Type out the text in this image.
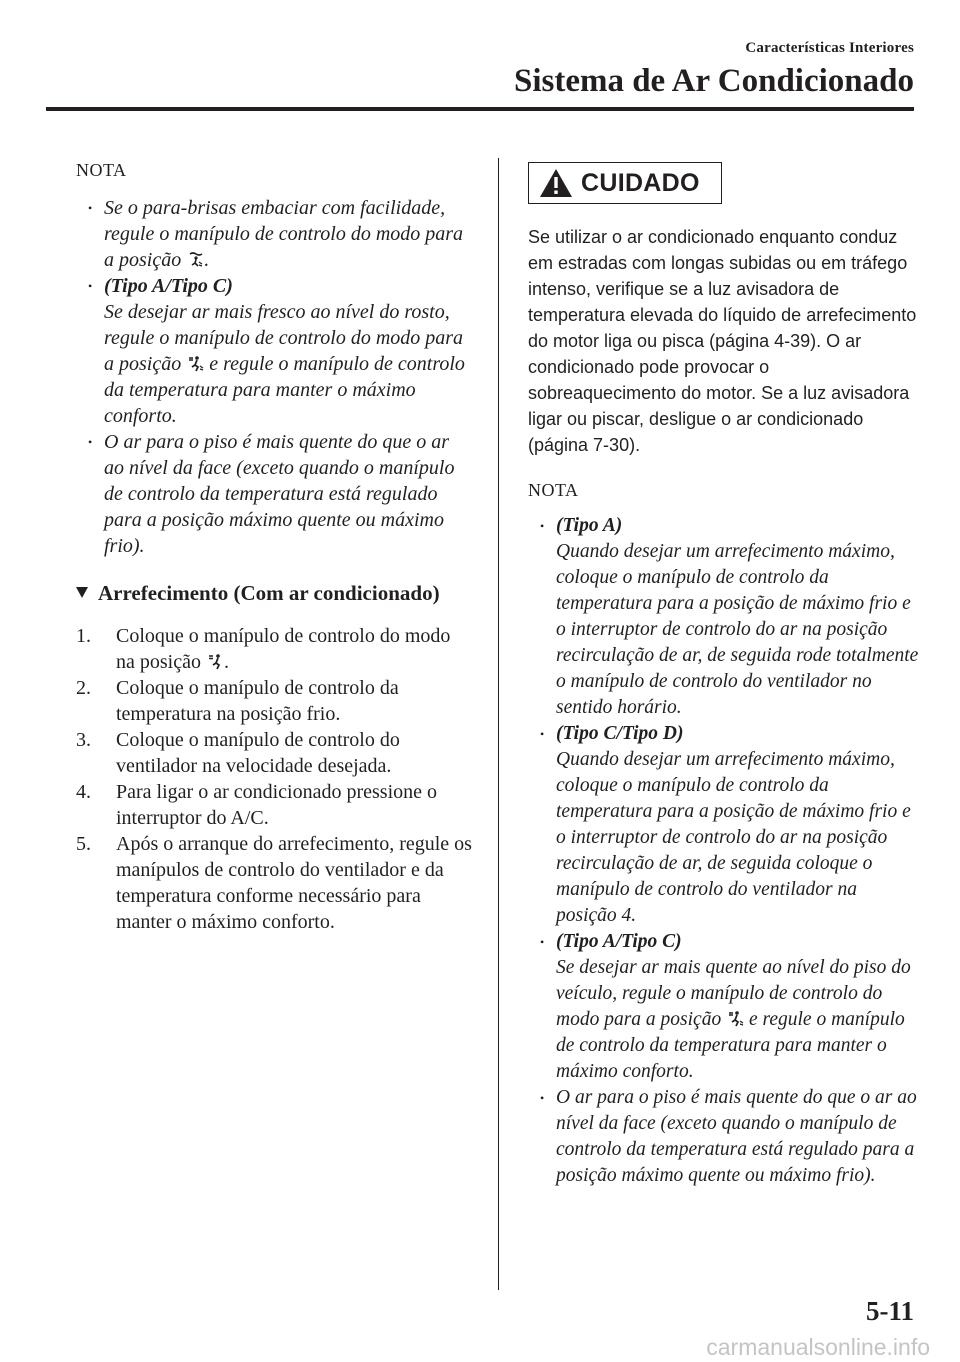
Características Interiores
Sistema de Ar Condicionado
NOTA
• Se o para-brisas embaciar com facilidade, regule o manípulo de controlo do modo para a posição .
• (Tipo A/Tipo C)
Se desejar ar mais fresco ao nível do rosto, regule o manípulo de controlo do modo para a posição  e regule o manípulo de controlo da temperatura para manter o máximo conforto.
• O ar para o piso é mais quente do que o ar ao nível da face (exceto quando o manípulo de controlo da temperatura está regulado para a posição máximo quente ou máximo frio).
Arrefecimento (Com ar condicionado)
1.	Coloque o manípulo de controlo do modo na posição .
2.	Coloque o manípulo de controlo da temperatura na posição frio.
3.	Coloque o manípulo de controlo do ventilador na velocidade desejada.
4.	Para ligar o ar condicionado pressione o interruptor do A/C.
5.	Após o arranque do arrefecimento, regule os manípulos de controlo do ventilador e da temperatura conforme necessário para manter o máximo conforto.
CUIDADO
Se utilizar o ar condicionado enquanto conduz em estradas com longas subidas ou em tráfego intenso, verifique se a luz avisadora de temperatura elevada do líquido de arrefecimento do motor liga ou pisca (página 4-39). O ar condicionado pode provocar o sobreaquecimento do motor. Se a luz avisadora ligar ou piscar, desligue o ar condicionado (página 7-30).
NOTA
• (Tipo A)
Quando desejar um arrefecimento máximo, coloque o manípulo de controlo da temperatura para a posição de máximo frio e o interruptor de controlo do ar na posição recirculação de ar, de seguida rode totalmente o manípulo de controlo do ventilador no sentido horário.
• (Tipo C/Tipo D)
Quando desejar um arrefecimento máximo, coloque o manípulo de controlo da temperatura para a posição de máximo frio e o interruptor de controlo do ar na posição recirculação de ar, de seguida coloque o manípulo de controlo do ventilador na posição 4.
• (Tipo A/Tipo C)
Se desejar ar mais quente ao nível do piso do veículo, regule o manípulo de controlo do modo para a posição  e regule o manípulo de controlo da temperatura para manter o máximo conforto.
• O ar para o piso é mais quente do que o ar ao nível da face (exceto quando o manípulo de controlo da temperatura está regulado para a posição máximo quente ou máximo frio).
5-11
carmanualsonline.info
